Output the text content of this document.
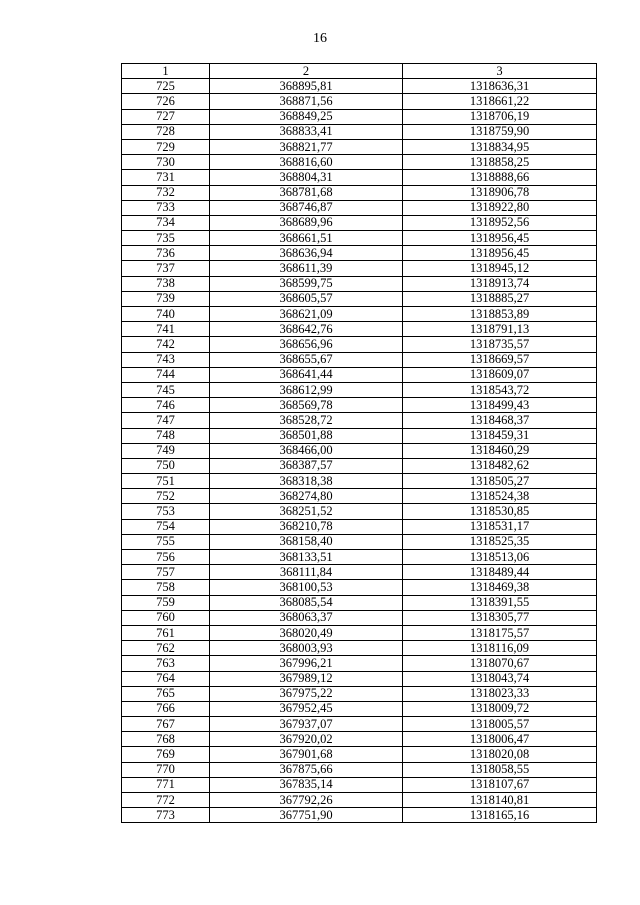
16
1	2	3
725	368895,81	1318636,31
726	368871,56	1318661,22
727	368849,25	1318706,19
728	368833,41	1318759,90
729	368821,77	1318834,95
730	368816,60	1318858,25
731	368804,31	1318888,66
732	368781,68	1318906,78
733	368746,87	1318922,80
734	368689,96	1318952,56
735	368661,51	1318956,45
736	368636,94	1318956,45
737	368611,39	1318945,12
738	368599,75	1318913,74
739	368605,57	1318885,27
740	368621,09	1318853,89
741	368642,76	1318791,13
742	368656,96	1318735,57
743	368655,67	1318669,57
744	368641,44	1318609,07
745	368612,99	1318543,72
746	368569,78	1318499,43
747	368528,72	1318468,37
748	368501,88	1318459,31
749	368466,00	1318460,29
750	368387,57	1318482,62
751	368318,38	1318505,27
752	368274,80	1318524,38
753	368251,52	1318530,85
754	368210,78	1318531,17
755	368158,40	1318525,35
756	368133,51	1318513,06
757	368111,84	1318489,44
758	368100,53	1318469,38
759	368085,54	1318391,55
760	368063,37	1318305,77
761	368020,49	1318175,57
762	368003,93	1318116,09
763	367996,21	1318070,67
764	367989,12	1318043,74
765	367975,22	1318023,33
766	367952,45	1318009,72
767	367937,07	1318005,57
768	367920,02	1318006,47
769	367901,68	1318020,08
770	367875,66	1318058,55
771	367835,14	1318107,67
772	367792,26	1318140,81
773	367751,90	1318165,16
